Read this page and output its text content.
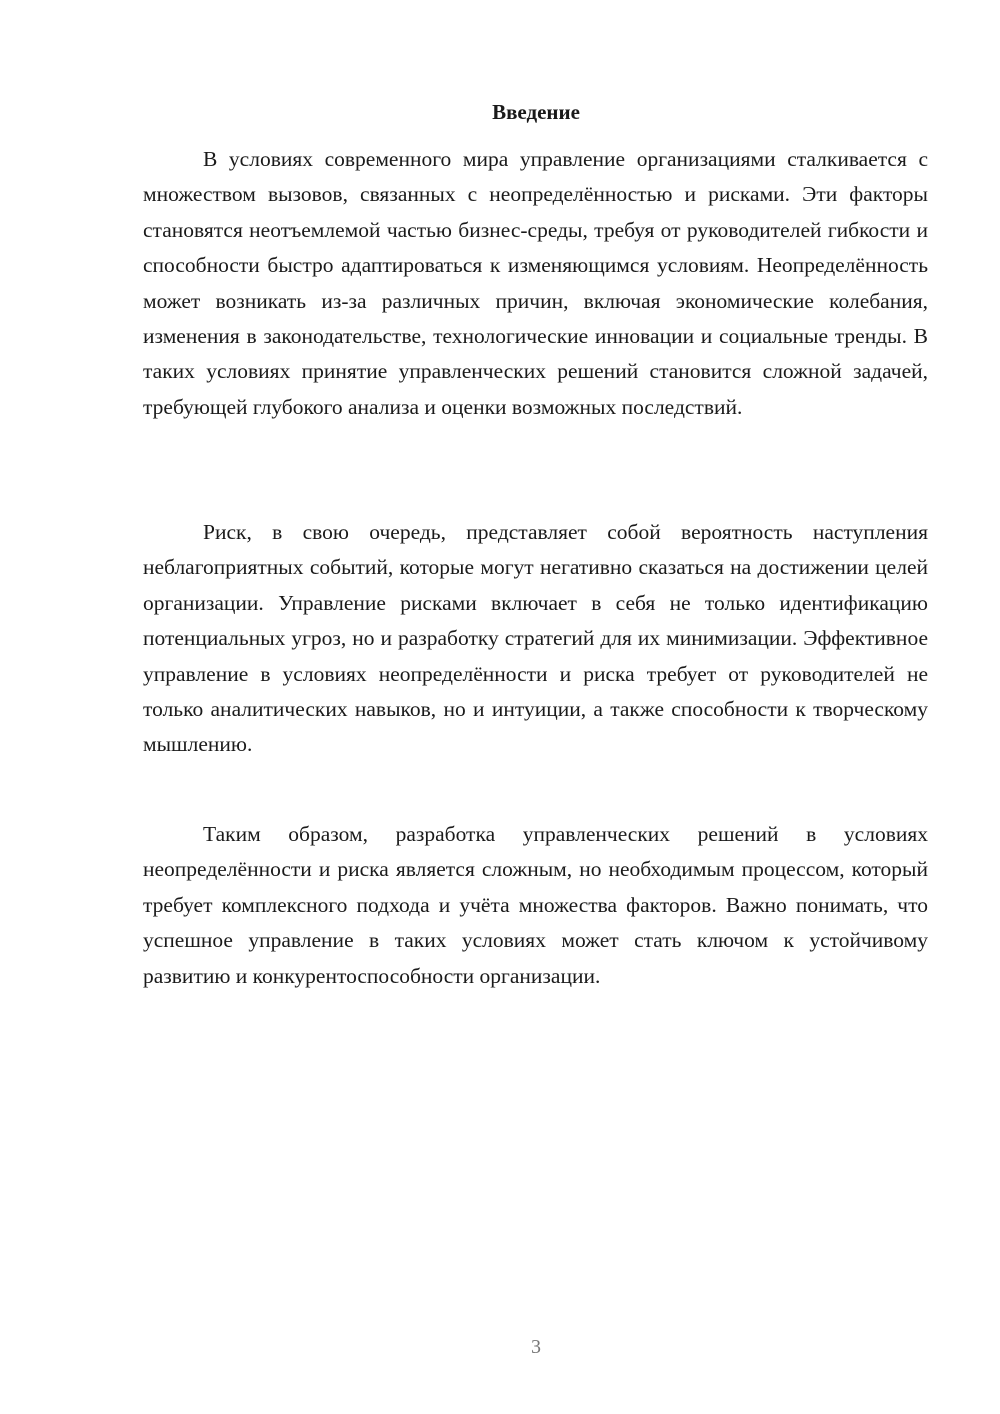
Введение

В условиях современного мира управление организациями сталкивается с множеством вызовов, связанных с неопределённостью и рисками. Эти факторы становятся неотъемлемой частью бизнес-среды, требуя от руководителей гибкости и способности быстро адаптироваться к изменяющимся условиям. Неопределённость может возникать из-за различных причин, включая экономические колебания, изменения в законодательстве, технологические инновации и социальные тренды. В таких условиях принятие управленческих решений становится сложной задачей, требующей глубокого анализа и оценки возможных последствий.

Риск, в свою очередь, представляет собой вероятность наступления неблагоприятных событий, которые могут негативно сказаться на достижении целей организации. Управление рисками включает в себя не только идентификацию потенциальных угроз, но и разработку стратегий для их минимизации. Эффективное управление в условиях неопределённости и риска требует от руководителей не только аналитических навыков, но и интуиции, а также способности к творческому мышлению.

Таким образом, разработка управленческих решений в условиях неопределённости и риска является сложным, но необходимым процессом, который требует комплексного подхода и учёта множества факторов. Важно понимать, что успешное управление в таких условиях может стать ключом к устойчивому развитию и конкурентоспособности организации.

3
